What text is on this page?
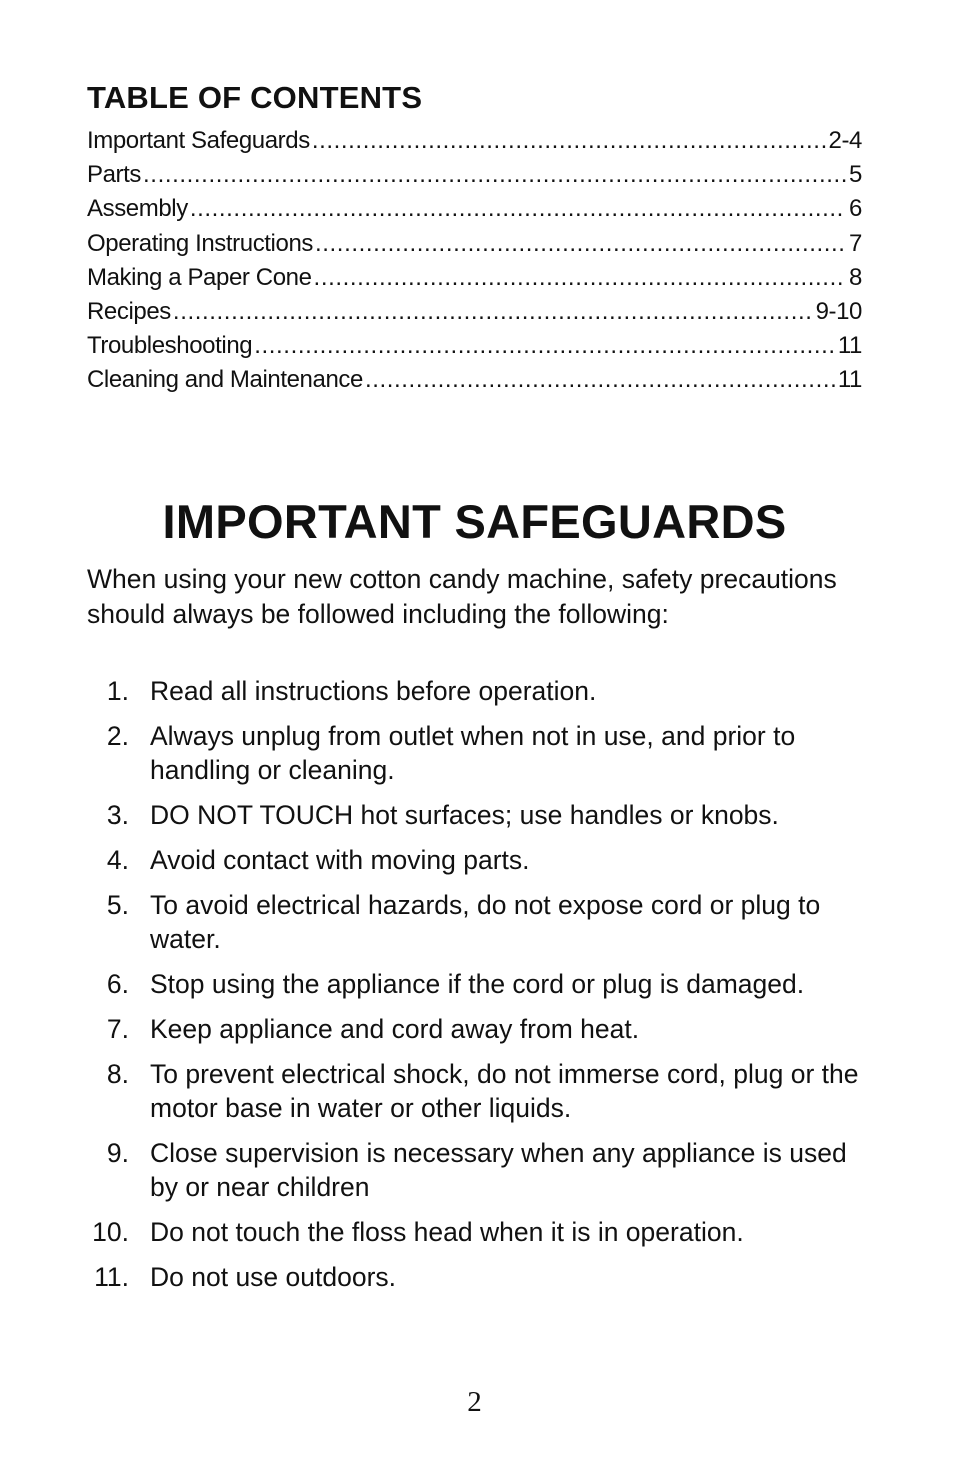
TABLE OF CONTENTS
Important Safeguards .....	2-4
Parts .....	5
Assembly .....	6
Operating Instructions .....	7
Making a Paper Cone .....	8
Recipes .....	9-10
Troubleshooting .....	11
Cleaning and Maintenance .....	11
IMPORTANT SAFEGUARDS

When using your new cotton candy machine, safety precautions should always be followed including the following:

1. Read all instructions before operation.
2. Always unplug from outlet when not in use, and prior to handling or cleaning.
3. DO NOT TOUCH hot surfaces; use handles or knobs.
4. Avoid contact with moving parts.
5. To avoid electrical hazards, do not expose cord or plug to water.
6. Stop using the appliance if the cord or plug is damaged.
7. Keep appliance and cord away from heat.
8. To prevent electrical shock, do not immerse cord, plug or the motor base in water or other liquids.
9. Close supervision is necessary when any appliance is used by or near children
10. Do not touch the floss head when it is in operation.
11. Do not use outdoors.

2
